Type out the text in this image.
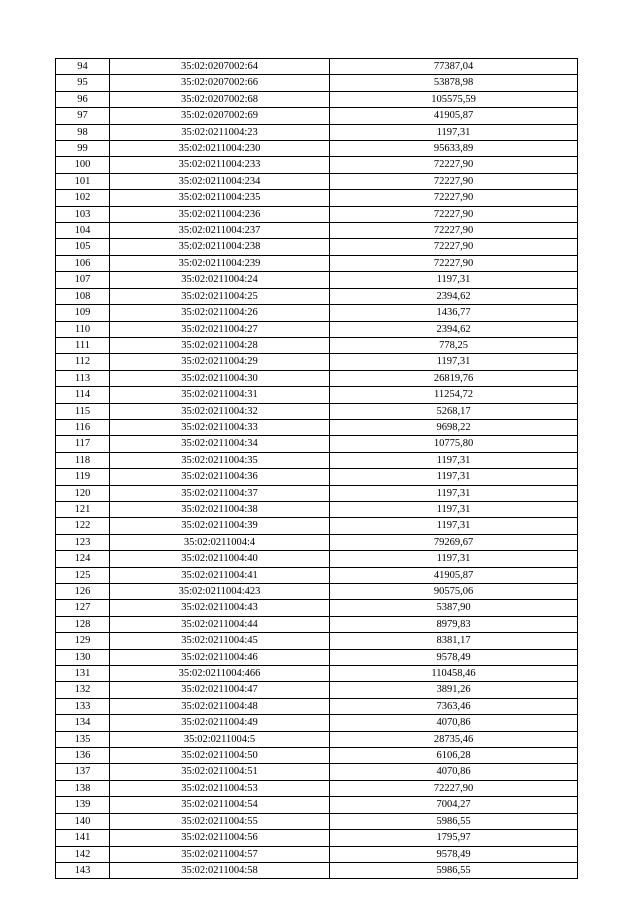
94	35:02:0207002:64	77387,04
95	35:02:0207002:66	53878,98
96	35:02:0207002:68	105575,59
97	35:02:0207002:69	41905,87
98	35:02:0211004:23	1197,31
99	35:02:0211004:230	95633,89
100	35:02:0211004:233	72227,90
101	35:02:0211004:234	72227,90
102	35:02:0211004:235	72227,90
103	35:02:0211004:236	72227,90
104	35:02:0211004:237	72227,90
105	35:02:0211004:238	72227,90
106	35:02:0211004:239	72227,90
107	35:02:0211004:24	1197,31
108	35:02:0211004:25	2394,62
109	35:02:0211004:26	1436,77
110	35:02:0211004:27	2394,62
111	35:02:0211004:28	778,25
112	35:02:0211004:29	1197,31
113	35:02:0211004:30	26819,76
114	35:02:0211004:31	11254,72
115	35:02:0211004:32	5268,17
116	35:02:0211004:33	9698,22
117	35:02:0211004:34	10775,80
118	35:02:0211004:35	1197,31
119	35:02:0211004:36	1197,31
120	35:02:0211004:37	1197,31
121	35:02:0211004:38	1197,31
122	35:02:0211004:39	1197,31
123	35:02:0211004:4	79269,67
124	35:02:0211004:40	1197,31
125	35:02:0211004:41	41905,87
126	35:02:0211004:423	90575,06
127	35:02:0211004:43	5387,90
128	35:02:0211004:44	8979,83
129	35:02:0211004:45	8381,17
130	35:02:0211004:46	9578,49
131	35:02:0211004:466	110458,46
132	35:02:0211004:47	3891,26
133	35:02:0211004:48	7363,46
134	35:02:0211004:49	4070,86
135	35:02:0211004:5	28735,46
136	35:02:0211004:50	6106,28
137	35:02:0211004:51	4070,86
138	35:02:0211004:53	72227,90
139	35:02:0211004:54	7004,27
140	35:02:0211004:55	5986,55
141	35:02:0211004:56	1795,97
142	35:02:0211004:57	9578,49
143	35:02:0211004:58	5986,55
